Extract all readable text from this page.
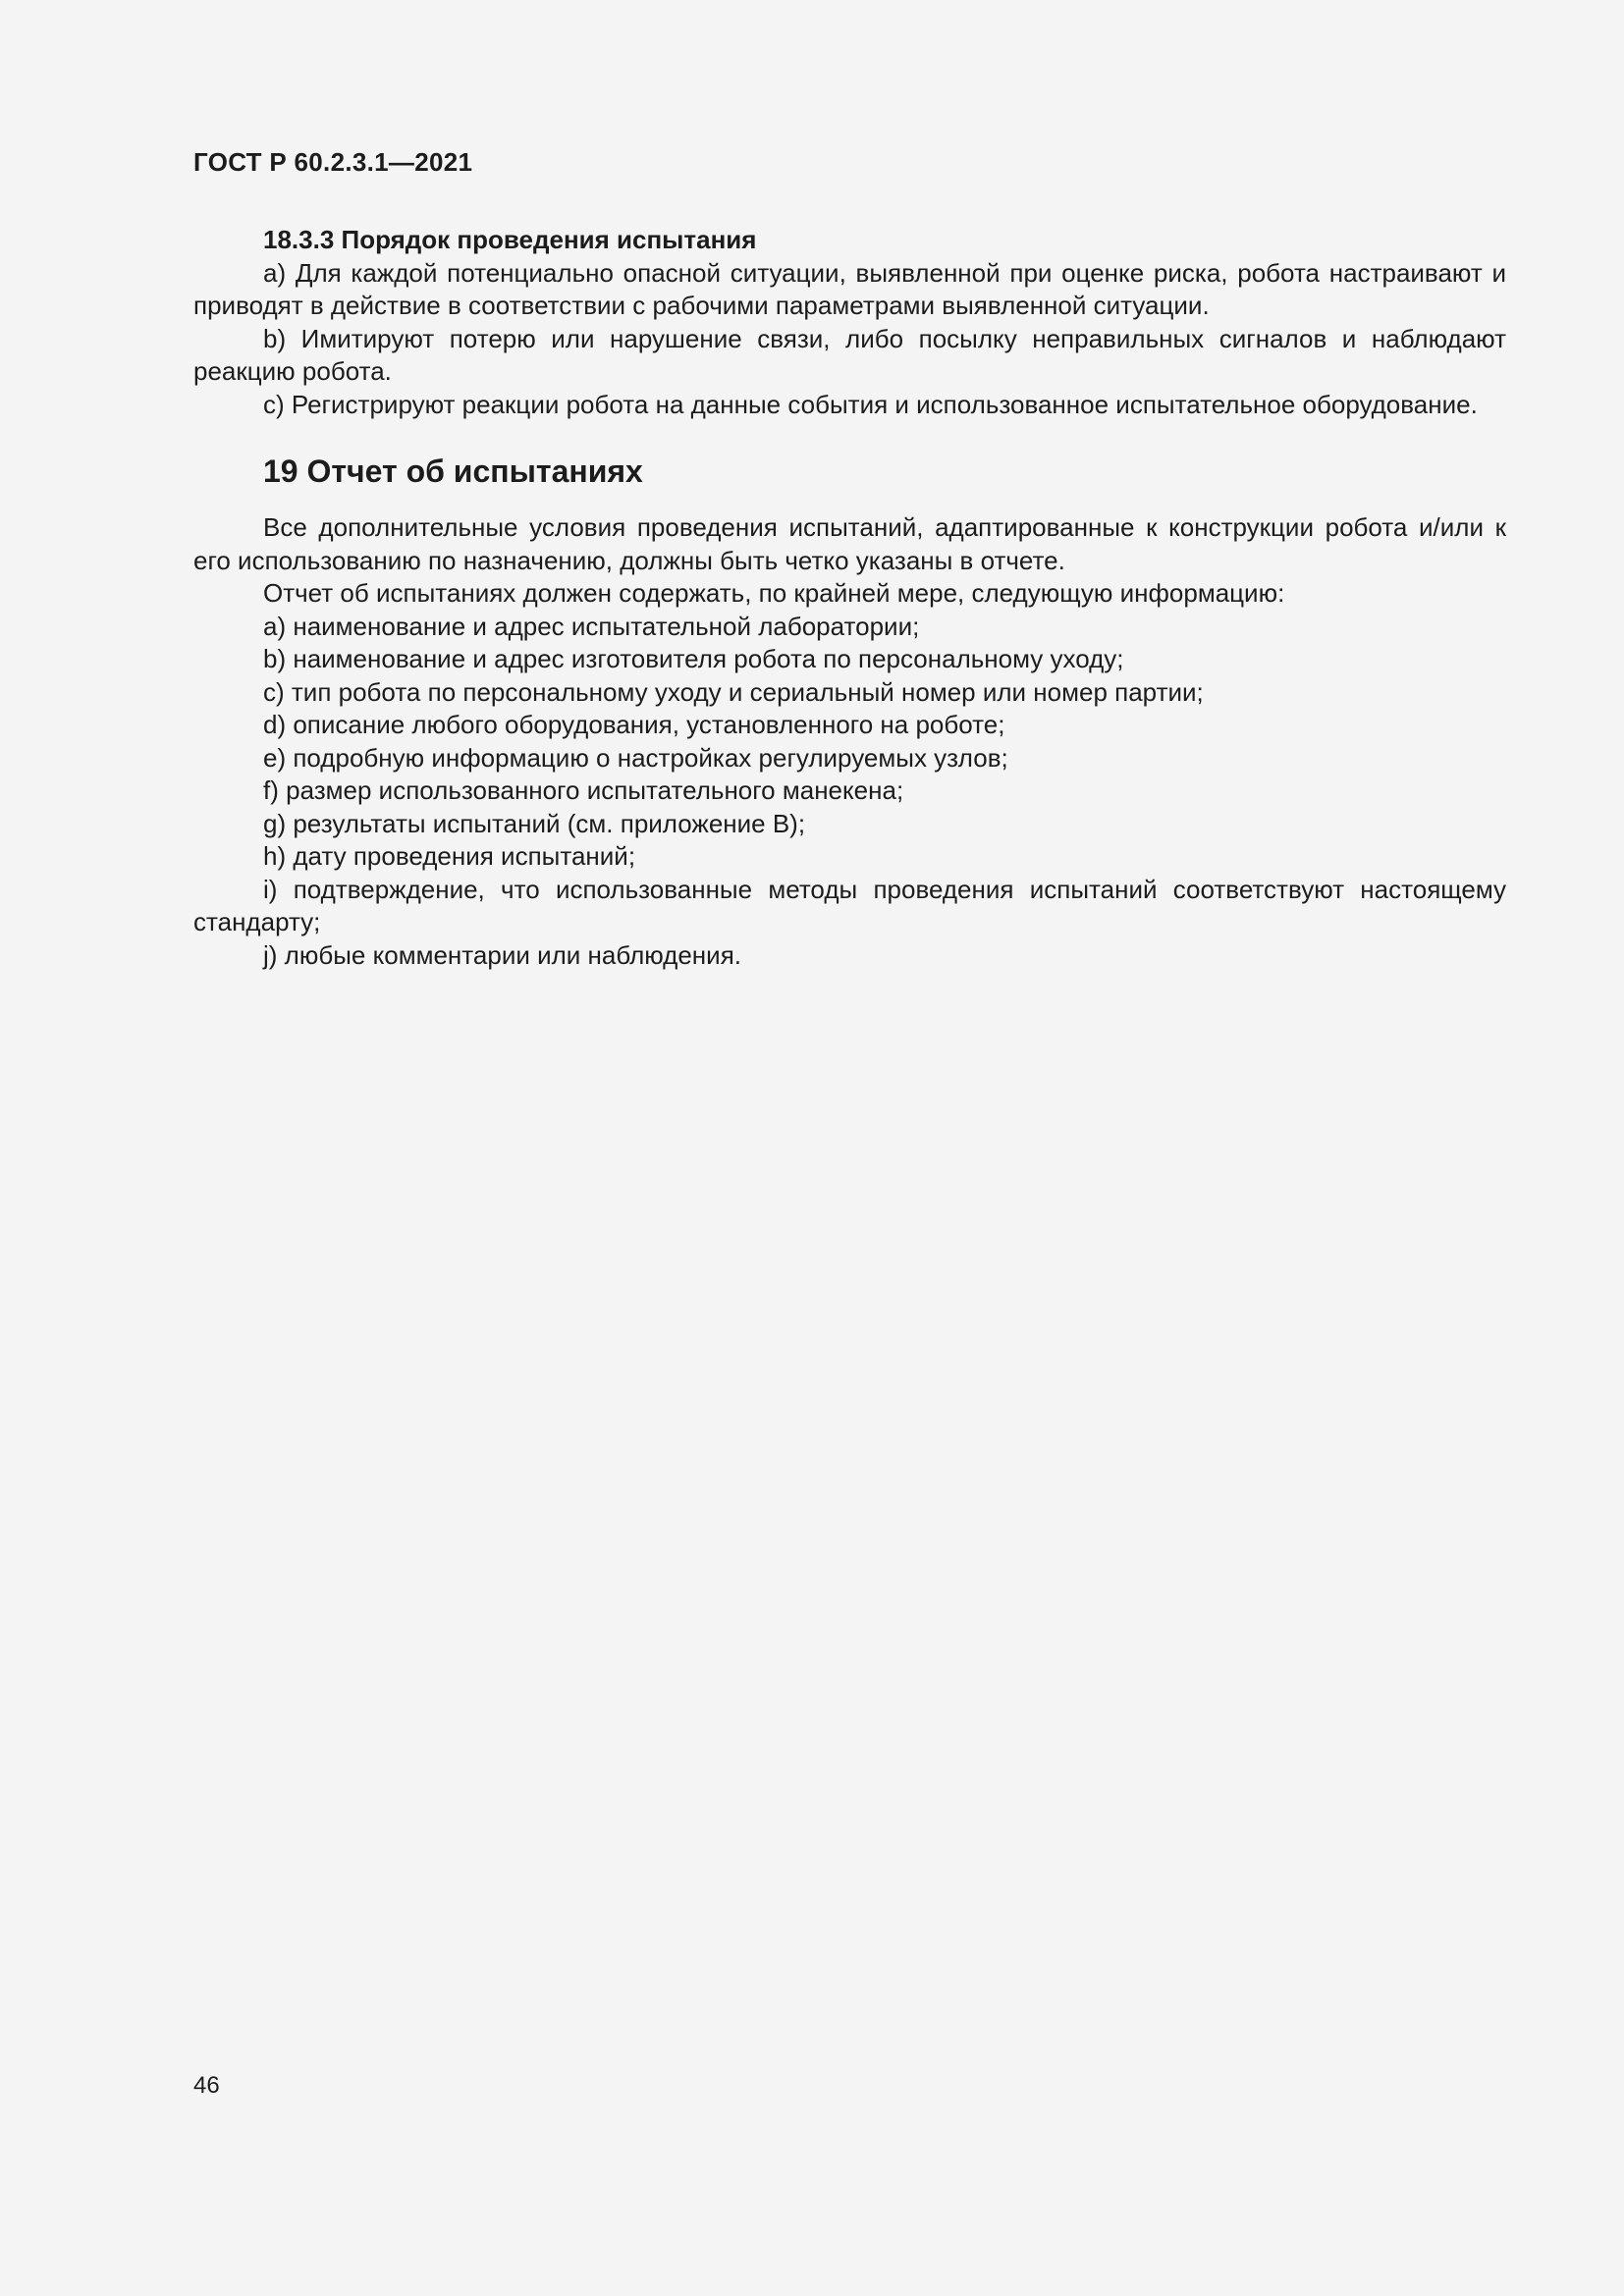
ГОСТ Р 60.2.3.1—2021

18.3.3 Порядок проведения испытания

а) Для каждой потенциально опасной ситуации, выявленной при оценке риска, робота настраивают и приводят в действие в соответствии с рабочими параметрами выявленной ситуации.

b) Имитируют потерю или нарушение связи, либо посылку неправильных сигналов и наблюдают реакцию робота.

с) Регистрируют реакции робота на данные события и использованное испытательное оборудование.

19 Отчет об испытаниях

Все дополнительные условия проведения испытаний, адаптированные к конструкции робота и/или к его использованию по назначению, должны быть четко указаны в отчете.

Отчет об испытаниях должен содержать, по крайней мере, следующую информацию:

а) наименование и адрес испытательной лаборатории;

b) наименование и адрес изготовителя робота по персональному уходу;

с) тип робота по персональному уходу и сериальный номер или номер партии;

d) описание любого оборудования, установленного на роботе;

е) подробную информацию о настройках регулируемых узлов;

f) размер использованного испытательного манекена;

g) результаты испытаний (см. приложение В);

h) дату проведения испытаний;

i) подтверждение, что использованные методы проведения испытаний соответствуют настоящему стандарту;

j) любые комментарии или наблюдения.

46
